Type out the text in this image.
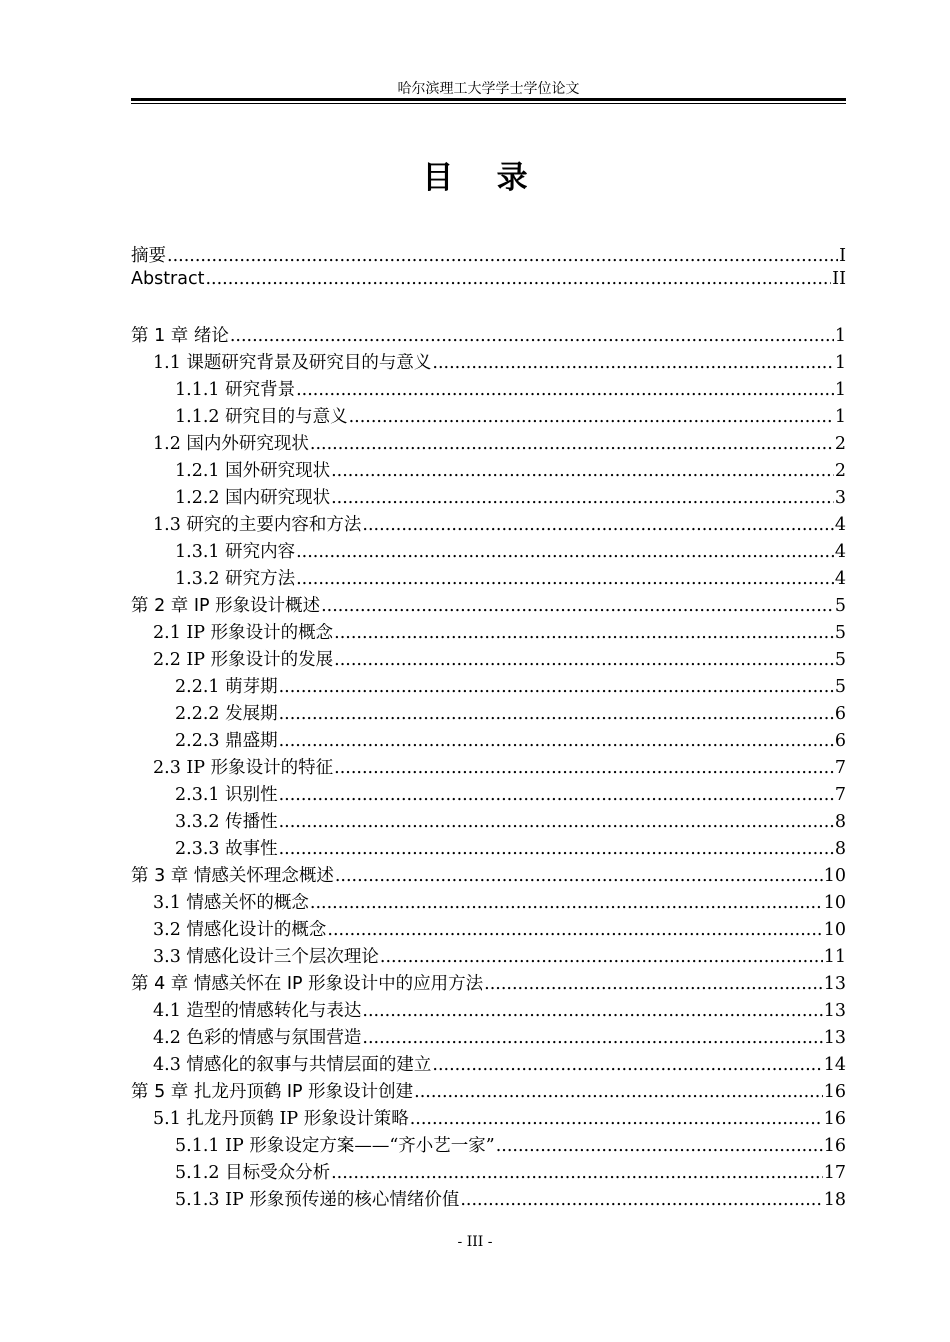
哈尔滨理工大学学士学位论文
目    录
摘要 .....	I
Abstract .....	II
第 1 章 绪论 .....	1
1.1 课题研究背景及研究目的与意义 .....	1
1.1.1 研究背景 .....	1
1.1.2 研究目的与意义 .....	1
1.2 国内外研究现状 .....	2
1.2.1 国外研究现状 .....	2
1.2.2 国内研究现状 .....	3
1.3 研究的主要内容和方法 .....	4
1.3.1 研究内容 .....	4
1.3.2 研究方法 .....	4
第 2 章 IP 形象设计概述 .....	5
2.1 IP 形象设计的概念 .....	5
2.2 IP 形象设计的发展 .....	5
2.2.1 萌芽期 .....	5
2.2.2 发展期 .....	6
2.2.3 鼎盛期 .....	6
2.3 IP 形象设计的特征 .....	7
2.3.1 识别性 .....	7
3.3.2 传播性 .....	8
2.3.3 故事性 .....	8
第 3 章 情感关怀理念概述 .....	10
3.1 情感关怀的概念 .....	10
3.2 情感化设计的概念 .....	10
3.3 情感化设计三个层次理论 .....	11
第 4 章 情感关怀在 IP 形象设计中的应用方法 .....	13
4.1 造型的情感转化与表达 .....	13
4.2 色彩的情感与氛围营造 .....	13
4.3 情感化的叙事与共情层面的建立 .....	14
第 5 章 扎龙丹顶鹤 IP 形象设计创建 .....	16
5.1 扎龙丹顶鹤 IP 形象设计策略 .....	16
5.1.1 IP 形象设定方案——“齐小艺一家” .....	16
5.1.2 目标受众分析 .....	17
5.1.3 IP 形象预传递的核心情绪价值 .....	18
- III -
